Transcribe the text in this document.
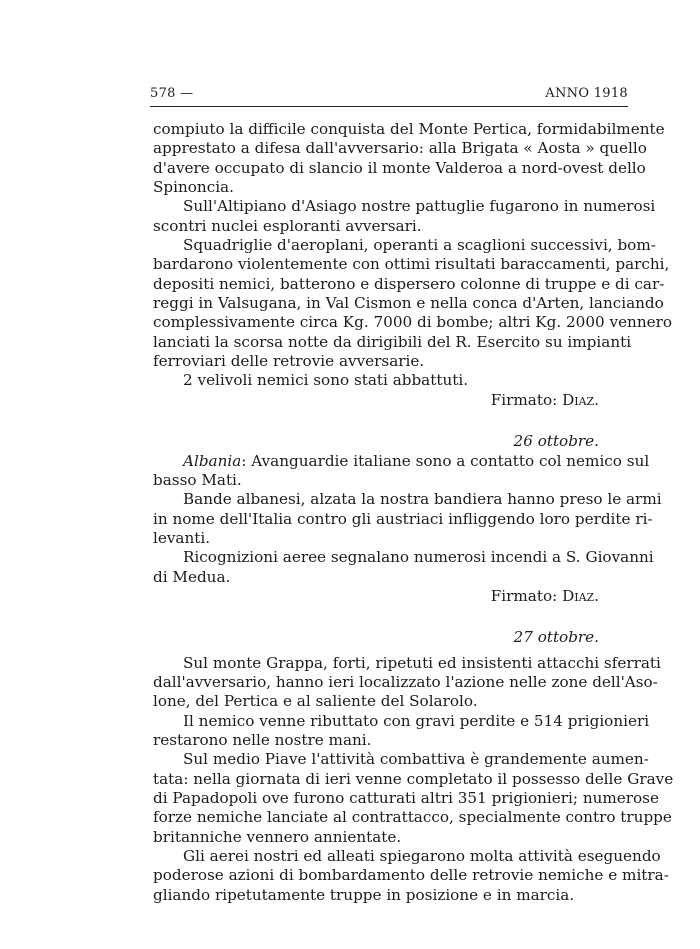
578 —	ANNO 1918
compiuto la difficile conquista del Monte Pertica, formidabilmente
apprestato a difesa dall'avversario: alla Brigata « Aosta » quello
d'avere occupato di slancio il monte Valderoa a nord-ovest dello
Spinoncia.
Sull'Altipiano d'Asiago nostre pattuglie fugarono in numerosi
scontri nuclei esploranti avversari.
Squadriglie d'aeroplani, operanti a scaglioni successivi, bom-
bardarono violentemente con ottimi risultati baraccamenti, parchi,
depositi nemici, batterono e dispersero colonne di truppe e di car-
reggi in Valsugana, in Val Cismon e nella conca d'Arten, lanciando
complessivamente circa Kg. 7000 di bombe; altri Kg. 2000 vennero
lanciati la scorsa notte da dirigibili del R. Esercito su impianti
ferroviari delle retrovie avversarie.
2 velivoli nemici sono stati abbattuti.
Firmato: Diaz.
26 ottobre.
Albania: Avanguardie italiane sono a contatto col nemico sul
basso Mati.
Bande albanesi, alzata la nostra bandiera hanno preso le armi
in nome dell'Italia contro gli austriaci infliggendo loro perdite ri-
levanti.
Ricognizioni aeree segnalano numerosi incendi a S. Giovanni
di Medua.
Firmato: Diaz.
27 ottobre.
Sul monte Grappa, forti, ripetuti ed insistenti attacchi sferrati
dall'avversario, hanno ieri localizzato l'azione nelle zone dell'Aso-
lone, del Pertica e al saliente del Solarolo.
Il nemico venne ributtato con gravi perdite e 514 prigionieri
restarono nelle nostre mani.
Sul medio Piave l'attività combattiva è grandemente aumen-
tata: nella giornata di ieri venne completato il possesso delle Grave
di Papadopoli ove furono catturati altri 351 prigionieri; numerose
forze nemiche lanciate al contrattacco, specialmente contro truppe
britanniche vennero annientate.
Gli aerei nostri ed alleati spiegarono molta attività eseguendo
poderose azioni di bombardamento delle retrovie nemiche e mitra-
gliando ripetutamente truppe in posizione e in marcia.
